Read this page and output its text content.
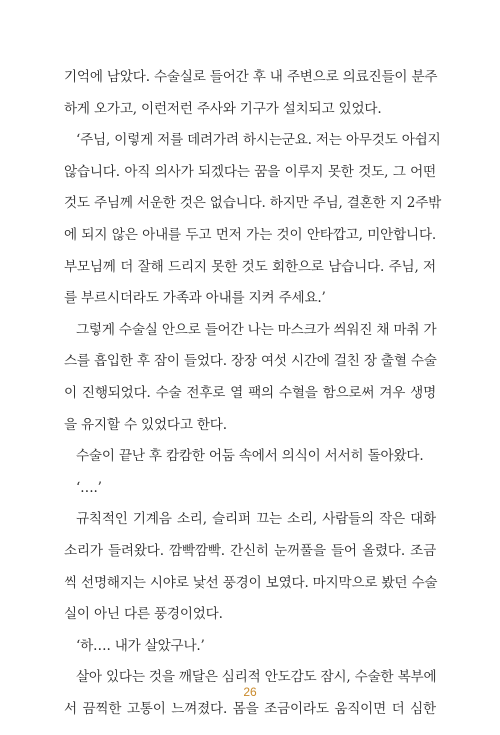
기억에 남았다. 수술실로 들어간 후 내 주변으로 의료진들이 분주
하게 오가고, 이런저런 주사와 기구가 설치되고 있었다.
‘주님, 이렇게 저를 데려가려 하시는군요. 저는 아무것도 아쉽지
않습니다. 아직 의사가 되겠다는 꿈을 이루지 못한 것도, 그 어떤
것도 주님께 서운한 것은 없습니다. 하지만 주님, 결혼한 지 2주밖
에 되지 않은 아내를 두고 먼저 가는 것이 안타깝고, 미안합니다.
부모님께 더 잘해 드리지 못한 것도 회한으로 남습니다. 주님, 저
를 부르시더라도 가족과 아내를 지켜 주세요.’
그렇게 수술실 안으로 들어간 나는 마스크가 씌워진 채 마취 가
스를 흡입한 후 잠이 들었다. 장장 여섯 시간에 걸친 장 출혈 수술
이 진행되었다. 수술 전후로 열 팩의 수혈을 함으로써 겨우 생명
을 유지할 수 있었다고 한다.
수술이 끝난 후 캄캄한 어둠 속에서 의식이 서서히 돌아왔다.
‘….’
규칙적인 기계음 소리, 슬리퍼 끄는 소리, 사람들의 작은 대화
소리가 들려왔다. 깜빡깜빡. 간신히 눈꺼풀을 들어 올렸다. 조금
씩 선명해지는 시야로 낯선 풍경이 보였다. 마지막으로 봤던 수술
실이 아닌 다른 풍경이었다.
‘하…. 내가 살았구나.’
살아 있다는 것을 깨달은 심리적 안도감도 잠시, 수술한 복부에
서 끔찍한 고통이 느껴졌다. 몸을 조금이라도 움직이면 더 심한
26
